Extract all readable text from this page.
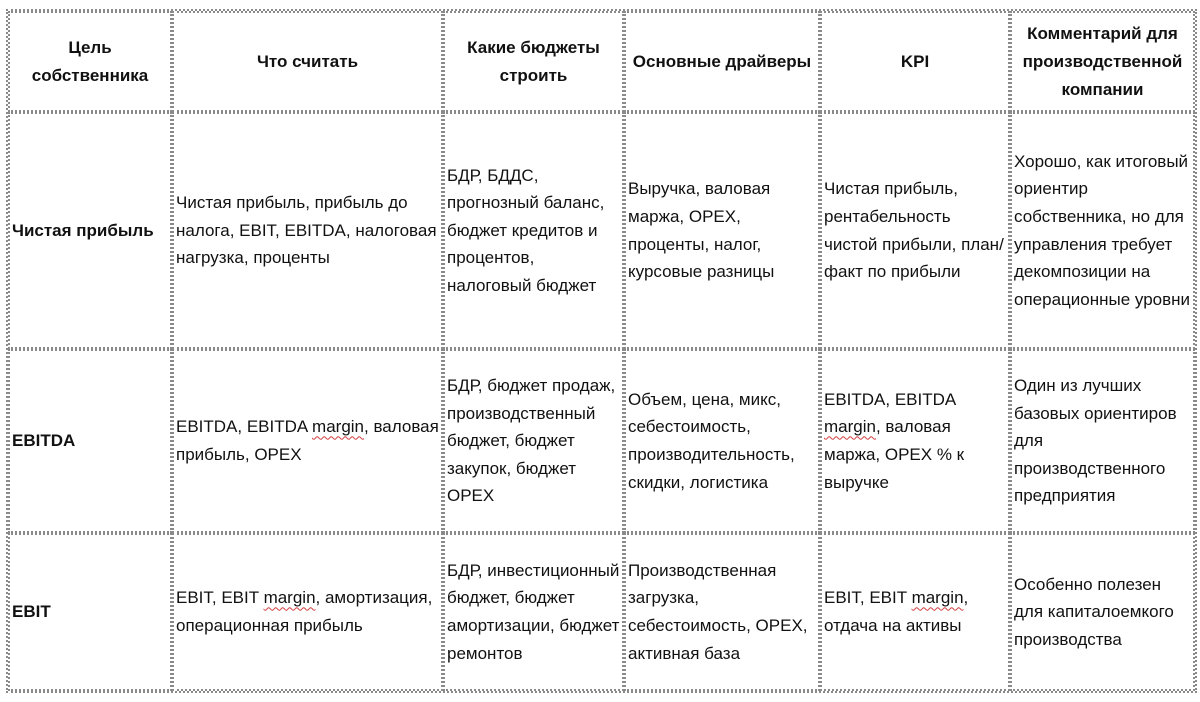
Цель собственника	Что считать	Какие бюджеты строить	Основные драйверы	KPI	Комментарий для производственной компании
Чистая прибыль	Чистая прибыль, прибыль до налога, EBIT, EBITDA, налоговая нагрузка, проценты	БДР, БДДС, прогнозный баланс, бюджет кредитов и процентов, налоговый бюджет	Выручка, валовая маржа, OPEX, проценты, налог, курсовые разницы	Чистая прибыль, рентабельность чистой прибыли, план/факт по прибыли	Хорошо, как итоговый ориентир собственника, но для управления требует декомпозиции на операционные уровни
EBITDA	EBITDA, EBITDA margin, валовая прибыль, OPEX	БДР, бюджет продаж, производственный бюджет, бюджет закупок, бюджет OPEX	Объем, цена, микс, себестоимость, производительность, скидки, логистика	EBITDA, EBITDA margin, валовая маржа, OPEX % к выручке	Один из лучших базовых ориентиров для производственного предприятия
EBIT	EBIT, EBIT margin, амортизация, операционная прибыль	БДР, инвестиционный бюджет, бюджет амортизации, бюджет ремонтов	Производственная загрузка, себестоимость, OPEX, активная база	EBIT, EBIT margin, отдача на активы	Особенно полезен для капиталоемкого производства
